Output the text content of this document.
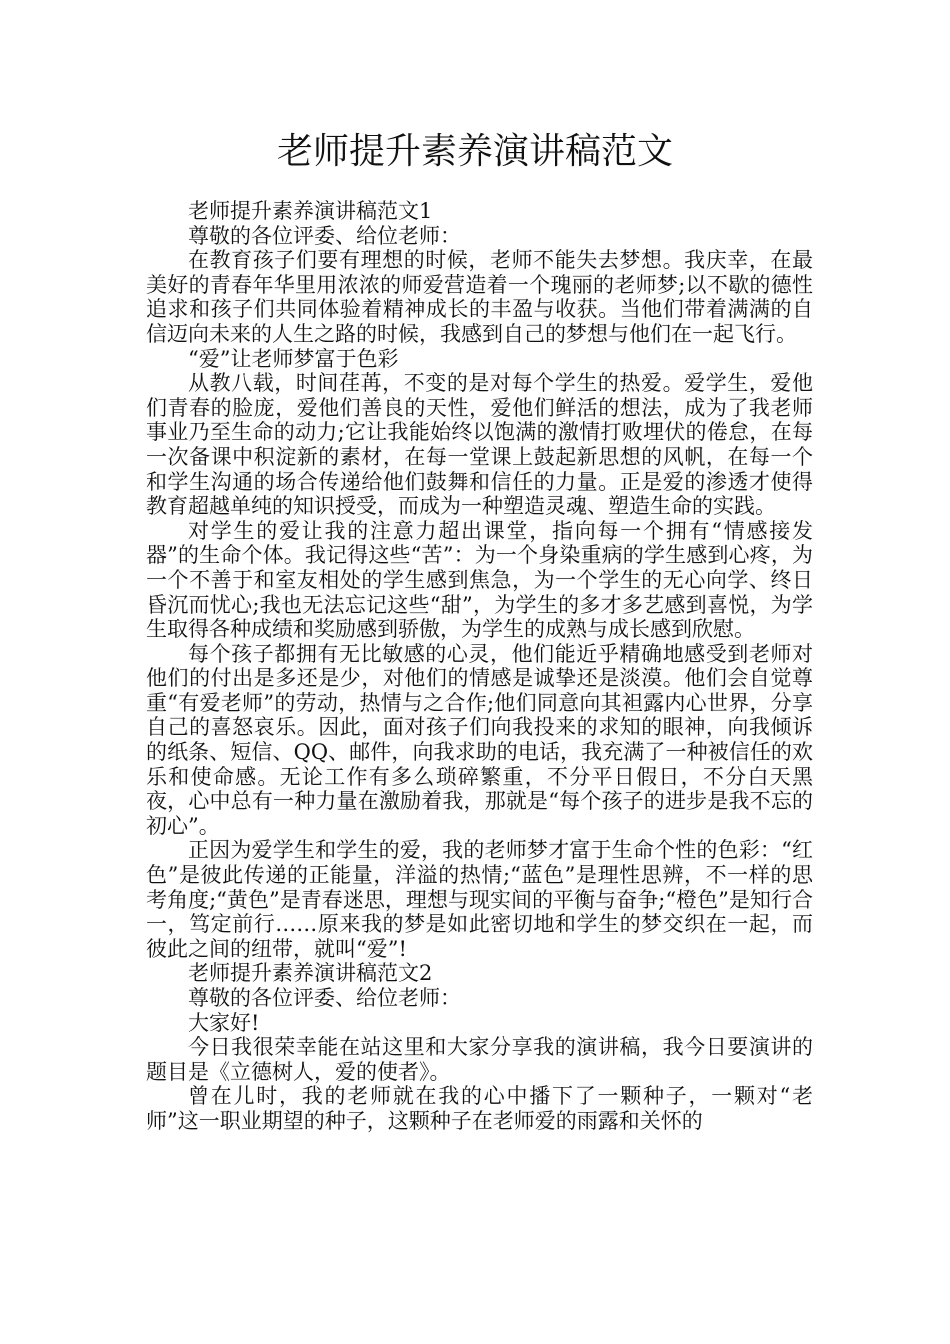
老师提升素养演讲稿范文

老师提升素养演讲稿范文1

尊敬的各位评委、给位老师：

在教育孩子们要有理想的时候，老师不能失去梦想。我庆幸，在最美好的青春年华里用浓浓的师爱营造着一个瑰丽的老师梦;以不歇的德性追求和孩子们共同体验着精神成长的丰盈与收获。当他们带着满满的自信迈向未来的人生之路的时候，我感到自己的梦想与他们在一起飞行。

“爱”让老师梦富于色彩

从教八载，时间荏苒，不变的是对每个学生的热爱。爱学生，爱他们青春的脸庞，爱他们善良的天性，爱他们鲜活的想法，成为了我老师事业乃至生命的动力;它让我能始终以饱满的激情打败埋伏的倦怠，在每一次备课中积淀新的素材，在每一堂课上鼓起新思想的风帆，在每一个和学生沟通的场合传递给他们鼓舞和信任的力量。正是爱的渗透才使得教育超越单纯的知识授受，而成为一种塑造灵魂、塑造生命的实践。

对学生的爱让我的注意力超出课堂，指向每一个拥有“情感接发器”的生命个体。我记得这些“苦”：为一个身染重病的学生感到心疼，为一个不善于和室友相处的学生感到焦急，为一个学生的无心向学、终日昏沉而忧心;我也无法忘记这些“甜”，为学生的多才多艺感到喜悦，为学生取得各种成绩和奖励感到骄傲，为学生的成熟与成长感到欣慰。

每个孩子都拥有无比敏感的心灵，他们能近乎精确地感受到老师对他们的付出是多还是少，对他们的情感是诚挚还是淡漠。他们会自觉尊重“有爱老师”的劳动，热情与之合作;他们同意向其袒露内心世界，分享自己的喜怒哀乐。因此，面对孩子们向我投来的求知的眼神，向我倾诉的纸条、短信、QQ、邮件，向我求助的电话，我充满了一种被信任的欢乐和使命感。无论工作有多么琐碎繁重，不分平日假日，不分白天黑夜，心中总有一种力量在激励着我，那就是“每个孩子的进步是我不忘的初心”。

正因为爱学生和学生的爱，我的老师梦才富于生命个性的色彩：“红色”是彼此传递的正能量，洋溢的热情;“蓝色”是理性思辨，不一样的思考角度;“黄色”是青春迷思，理想与现实间的平衡与奋争;“橙色”是知行合一，笃定前行……原来我的梦是如此密切地和学生的梦交织在一起，而彼此之间的纽带，就叫“爱”!

老师提升素养演讲稿范文2

尊敬的各位评委、给位老师：

大家好!

今日我很荣幸能在站这里和大家分享我的演讲稿，我今日要演讲的题目是《立德树人，爱的使者》。

曾在儿时，我的老师就在我的心中播下了一颗种子，一颗对“老师”这一职业期望的种子，这颗种子在老师爱的雨露和关怀的
